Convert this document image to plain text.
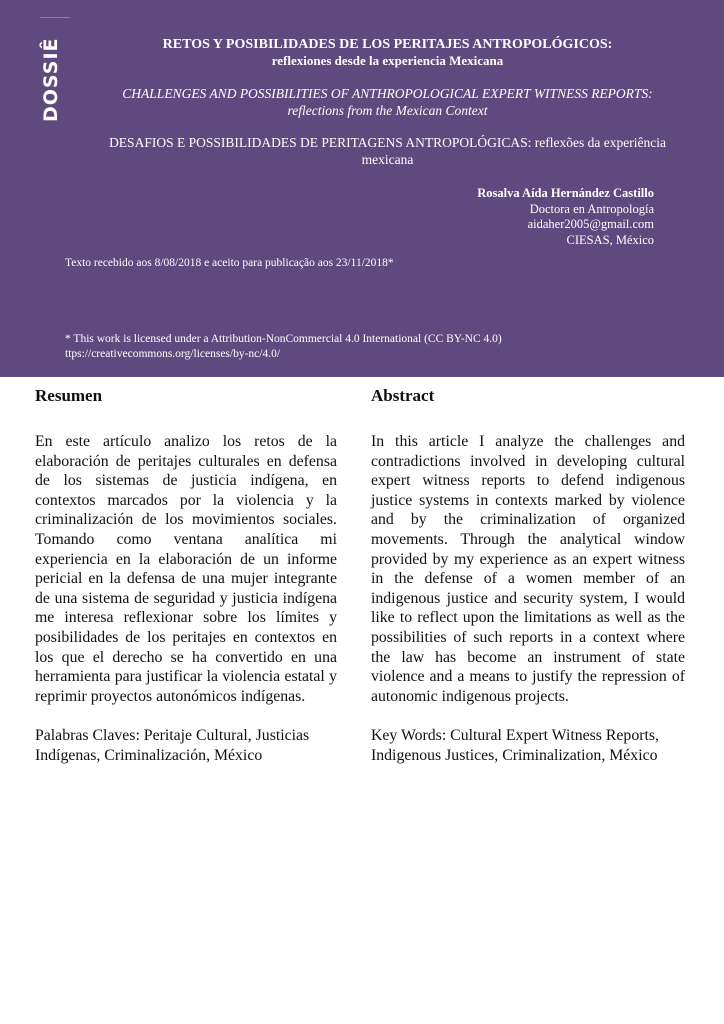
DOSSIÊ	RETOS Y POSIBILIDADES DE LOS PERITAJES ANTROPOLÓGICOS:
reflexiones desde la experiencia Mexicana
CHALLENGES AND POSSIBILITIES OF ANTHROPOLOGICAL EXPERT WITNESS REPORTS: reflections from the Mexican Context
DESAFIOS E POSSIBILIDADES DE PERITAGENS ANTROPOLÓGICAS: reflexões da experiência mexicana
Rosalva Aída Hernández Castillo
Doctora en Antropología
aidaher2005@gmail.com
CIESAS, México
Texto recebido aos 8/08/2018 e aceito para publicação aos 23/11/2018*
* This work is licensed under a Attribution-NonCommercial 4.0 International (CC BY-NC 4.0)
ttps://creativecommons.org/licenses/by-nc/4.0/
Resumen

En este artículo analizo los retos de la elaboración de peritajes culturales en defensa de los sistemas de justicia indígena, en contextos marcados por la violencia y la criminalización de los movimientos sociales. Tomando como ventana analítica mi experiencia en la elaboración de un informe pericial en la defensa de una mujer integrante de una sistema de seguridad y justicia indígena me interesa reflexionar sobre los límites y posibilidades de los peritajes en contextos en los que el derecho se ha convertido en una herramienta para justificar la violencia estatal y reprimir proyectos autonómicos indígenas.

Palabras Claves: Peritaje Cultural, Justicias Indígenas, Criminalización, México

Abstract

In this article I analyze the challenges and contradictions involved in developing cultural expert witness reports to defend indigenous justice systems in contexts marked by violence and by the criminalization of organized movements. Through the analytical window provided by my experience as an expert witness in the defense of a women member of an indigenous justice and security system, I would like to reflect upon the limitations as well as the possibilities of such reports in a context where the law has become an instrument of state violence and a means to justify the repression of autonomic indigenous projects.

Key Words: Cultural Expert Witness Reports, Indigenous Justices, Criminalization, México
